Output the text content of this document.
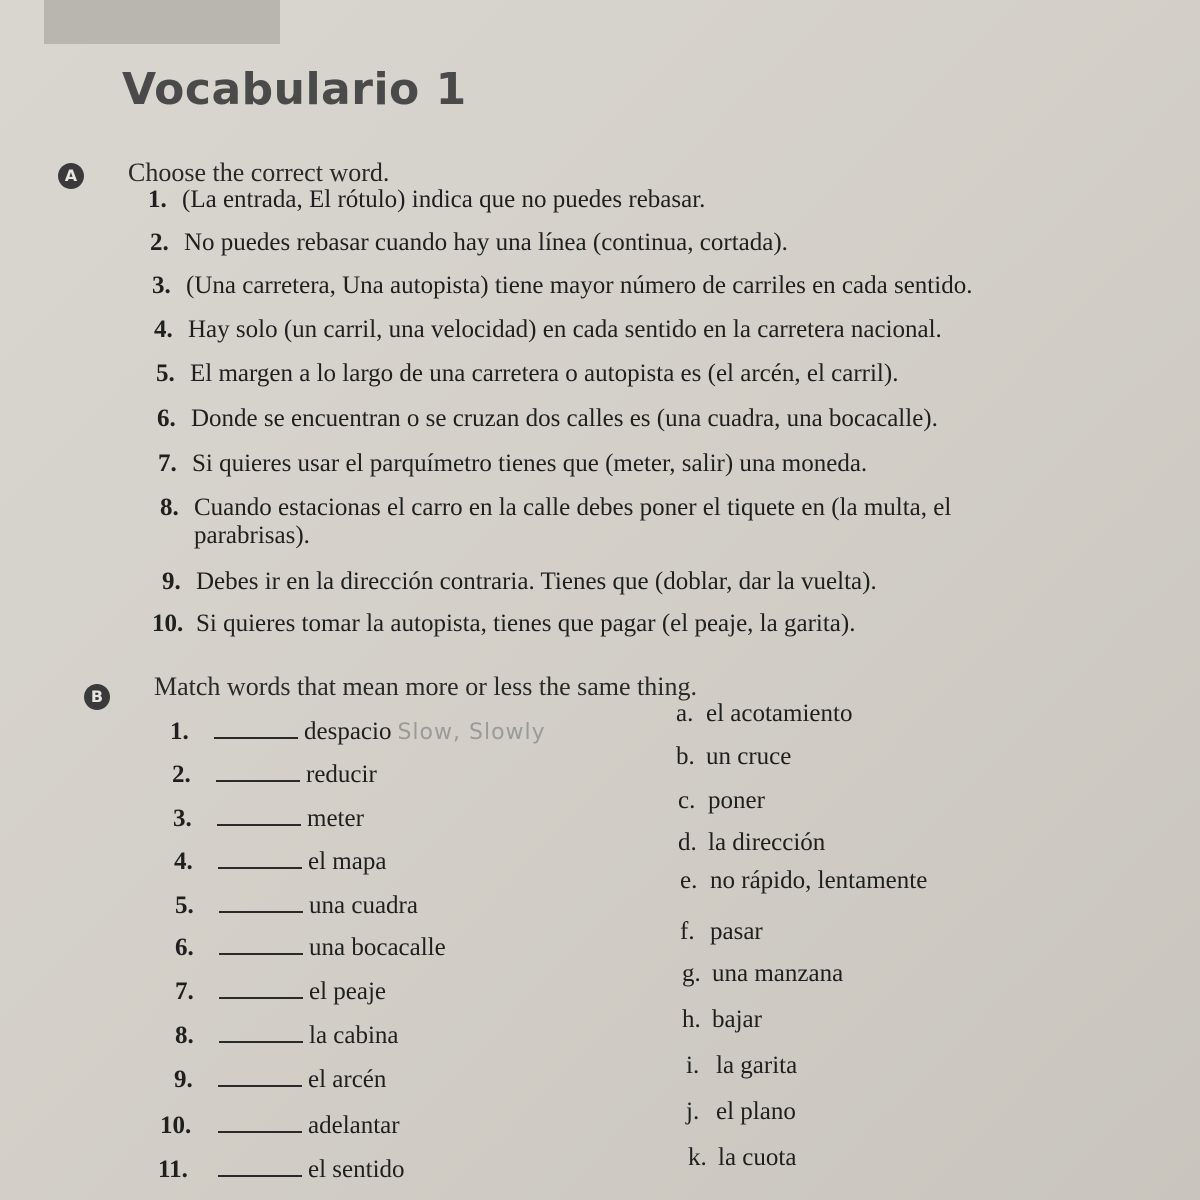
Vocabulario 1
A Choose the correct word.
1. (La entrada, El rótulo) indica que no puedes rebasar.
2. No puedes rebasar cuando hay una línea (continua, cortada).
3. (Una carretera, Una autopista) tiene mayor número de carriles en cada sentido.
4. Hay solo (un carril, una velocidad) en cada sentido en la carretera nacional.
5. El margen a lo largo de una carretera o autopista es (el arcén, el carril).
6. Donde se encuentran o se cruzan dos calles es (una cuadra, una bocacalle).
7. Si quieres usar el parquímetro tienes que (meter, salir) una moneda.
8. Cuando estacionas el carro en la calle debes poner el tiquete en (la multa, el
parabrisas).
9. Debes ir en la dirección contraria. Tienes que (doblar, dar la vuelta).
10. Si quieres tomar la autopista, tienes que pagar (el peaje, la garita).
B Match words that mean more or less the same thing.
1.	despacio Slow, Slowly
2.	reducir
3.	meter
4.	el mapa
5.	una cuadra
6.	una bocacalle
7.	el peaje
8.	la cabina
9.	el arcén
10.	adelantar
11.	el sentido
a. el acotamiento
b. un cruce
c. poner
d. la dirección
e. no rápido, lentamente
f. pasar
g. una manzana
h. bajar
i. la garita
j. el plano
k. la cuota
